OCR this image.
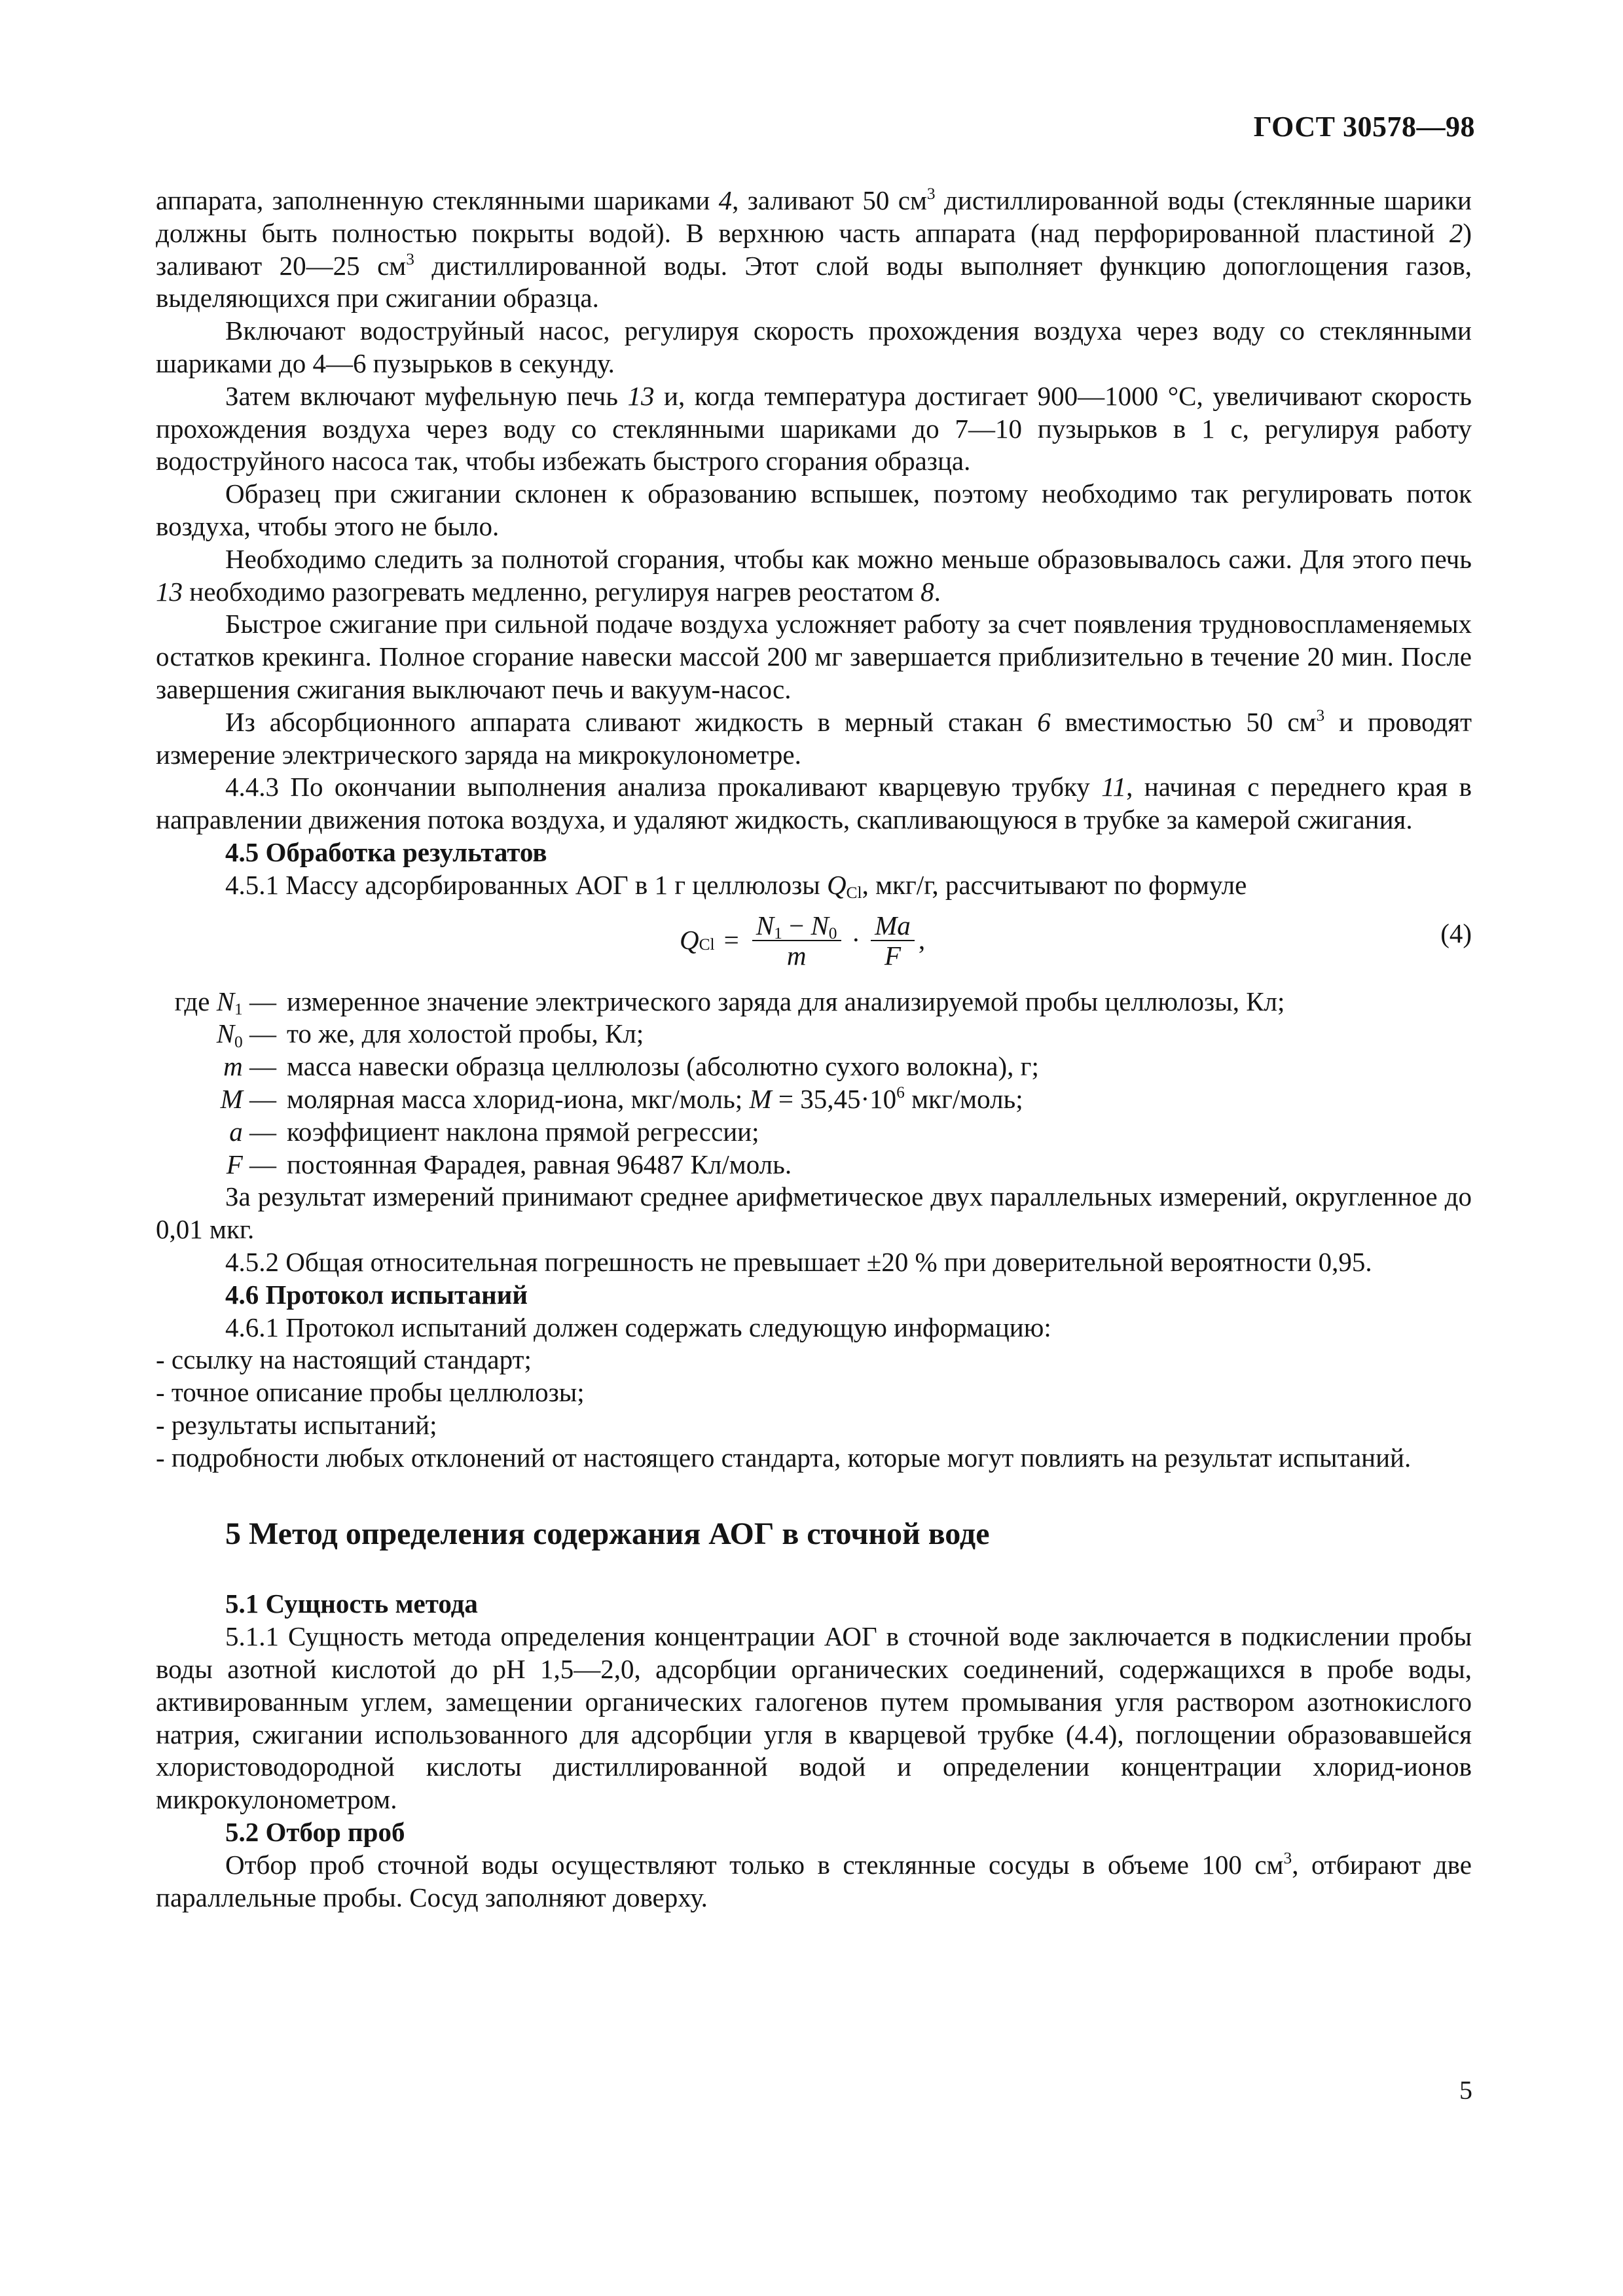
ГОСТ 30578—98

аппарата, заполненную стеклянными шариками 4, заливают 50 $см^3$ дистиллированной воды (стеклянные шарики должны быть полностью покрыты водой). В верхнюю часть аппарата (над перфорированной пластиной 2) заливают 20—25 $см^3$ дистиллированной воды. Этот слой воды выполняет функцию допоглощения газов, выделяющихся при сжигании образца.

Включают водоструйный насос, регулируя скорость прохождения воздуха через воду со стеклянными шариками до 4—6 пузырьков в секунду.

Затем включают муфельную печь 13 и, когда температура достигает 900—1000 °С, увеличивают скорость прохождения воздуха через воду со стеклянными шариками до 7—10 пузырьков в 1 с, регулируя работу водоструйного насоса так, чтобы избежать быстрого сгорания образца.

Образец при сжигании склонен к образованию вспышек, поэтому необходимо так регулировать поток воздуха, чтобы этого не было.

Необходимо следить за полнотой сгорания, чтобы как можно меньше образовывалось сажи. Для этого печь 13 необходимо разогревать медленно, регулируя нагрев реостатом 8.

Быстрое сжигание при сильной подаче воздуха усложняет работу за счет появления трудновоспламеняемых остатков крекинга. Полное сгорание навески массой 200 мг завершается приблизительно в течение 20 мин. После завершения сжигания выключают печь и вакуум-насос.

Из абсорбционного аппарата сливают жидкость в мерный стакан 6 вместимостью 50 $см^3$ и проводят измерение электрического заряда на микрокулонометре.

4.4.3 По окончании выполнения анализа прокаливают кварцевую трубку 11, начиная с переднего края в направлении движения потока воздуха, и удаляют жидкость, скапливающуюся в трубке за камерой сжигания.

4.5 Обработка результатов

4.5.1 Массу адсорбированных АОГ в 1 г целлюлозы $Q_{Cl}$, мкг/г, рассчитывают по формуле

$Q_{Cl} = \frac{N_1 - N_0}{m} \cdot \frac{Ma}{F}$ ,	(4)
где $N_1$ — измеренное значение электрического заряда для анализируемой пробы целлюлозы, Кл;
$N_0$ — то же, для холостой пробы, Кл;
m — масса навески образца целлюлозы (абсолютно сухого волокна), г;
M — молярная масса хлорид-иона, мкг/моль; $M = 35,45\cdot 10^6$ мкг/моль;
a — коэффициент наклона прямой регрессии;
F — постоянная Фарадея, равная 96487 Кл/моль.

За результат измерений принимают среднее арифметическое двух параллельных измерений, округленное до 0,01 мкг.

4.5.2 Общая относительная погрешность не превышает ±20 % при доверительной вероятности 0,95.

4.6 Протокол испытаний

4.6.1 Протокол испытаний должен содержать следующую информацию:

- ссылку на настоящий стандарт;

- точное описание пробы целлюлозы;

- результаты испытаний;

- подробности любых отклонений от настоящего стандарта, которые могут повлиять на результат испытаний.

5 Метод определения содержания АОГ в сточной воде

5.1 Сущность метода

5.1.1 Сущность метода определения концентрации АОГ в сточной воде заключается в подкислении пробы воды азотной кислотой до pH 1,5—2,0, адсорбции органических соединений, содержащихся в пробе воды, активированным углем, замещении органических галогенов путем промывания угля раствором азотнокислого натрия, сжигании использованного для адсорбции угля в кварцевой трубке (4.4), поглощении образовавшейся хлористоводородной кислоты дистиллированной водой и определении концентрации хлорид-ионов микрокулонометром.

5.2 Отбор проб

Отбор проб сточной воды осуществляют только в стеклянные сосуды в объеме 100 $см^3$, отбирают две параллельные пробы. Сосуд заполняют доверху.

5
